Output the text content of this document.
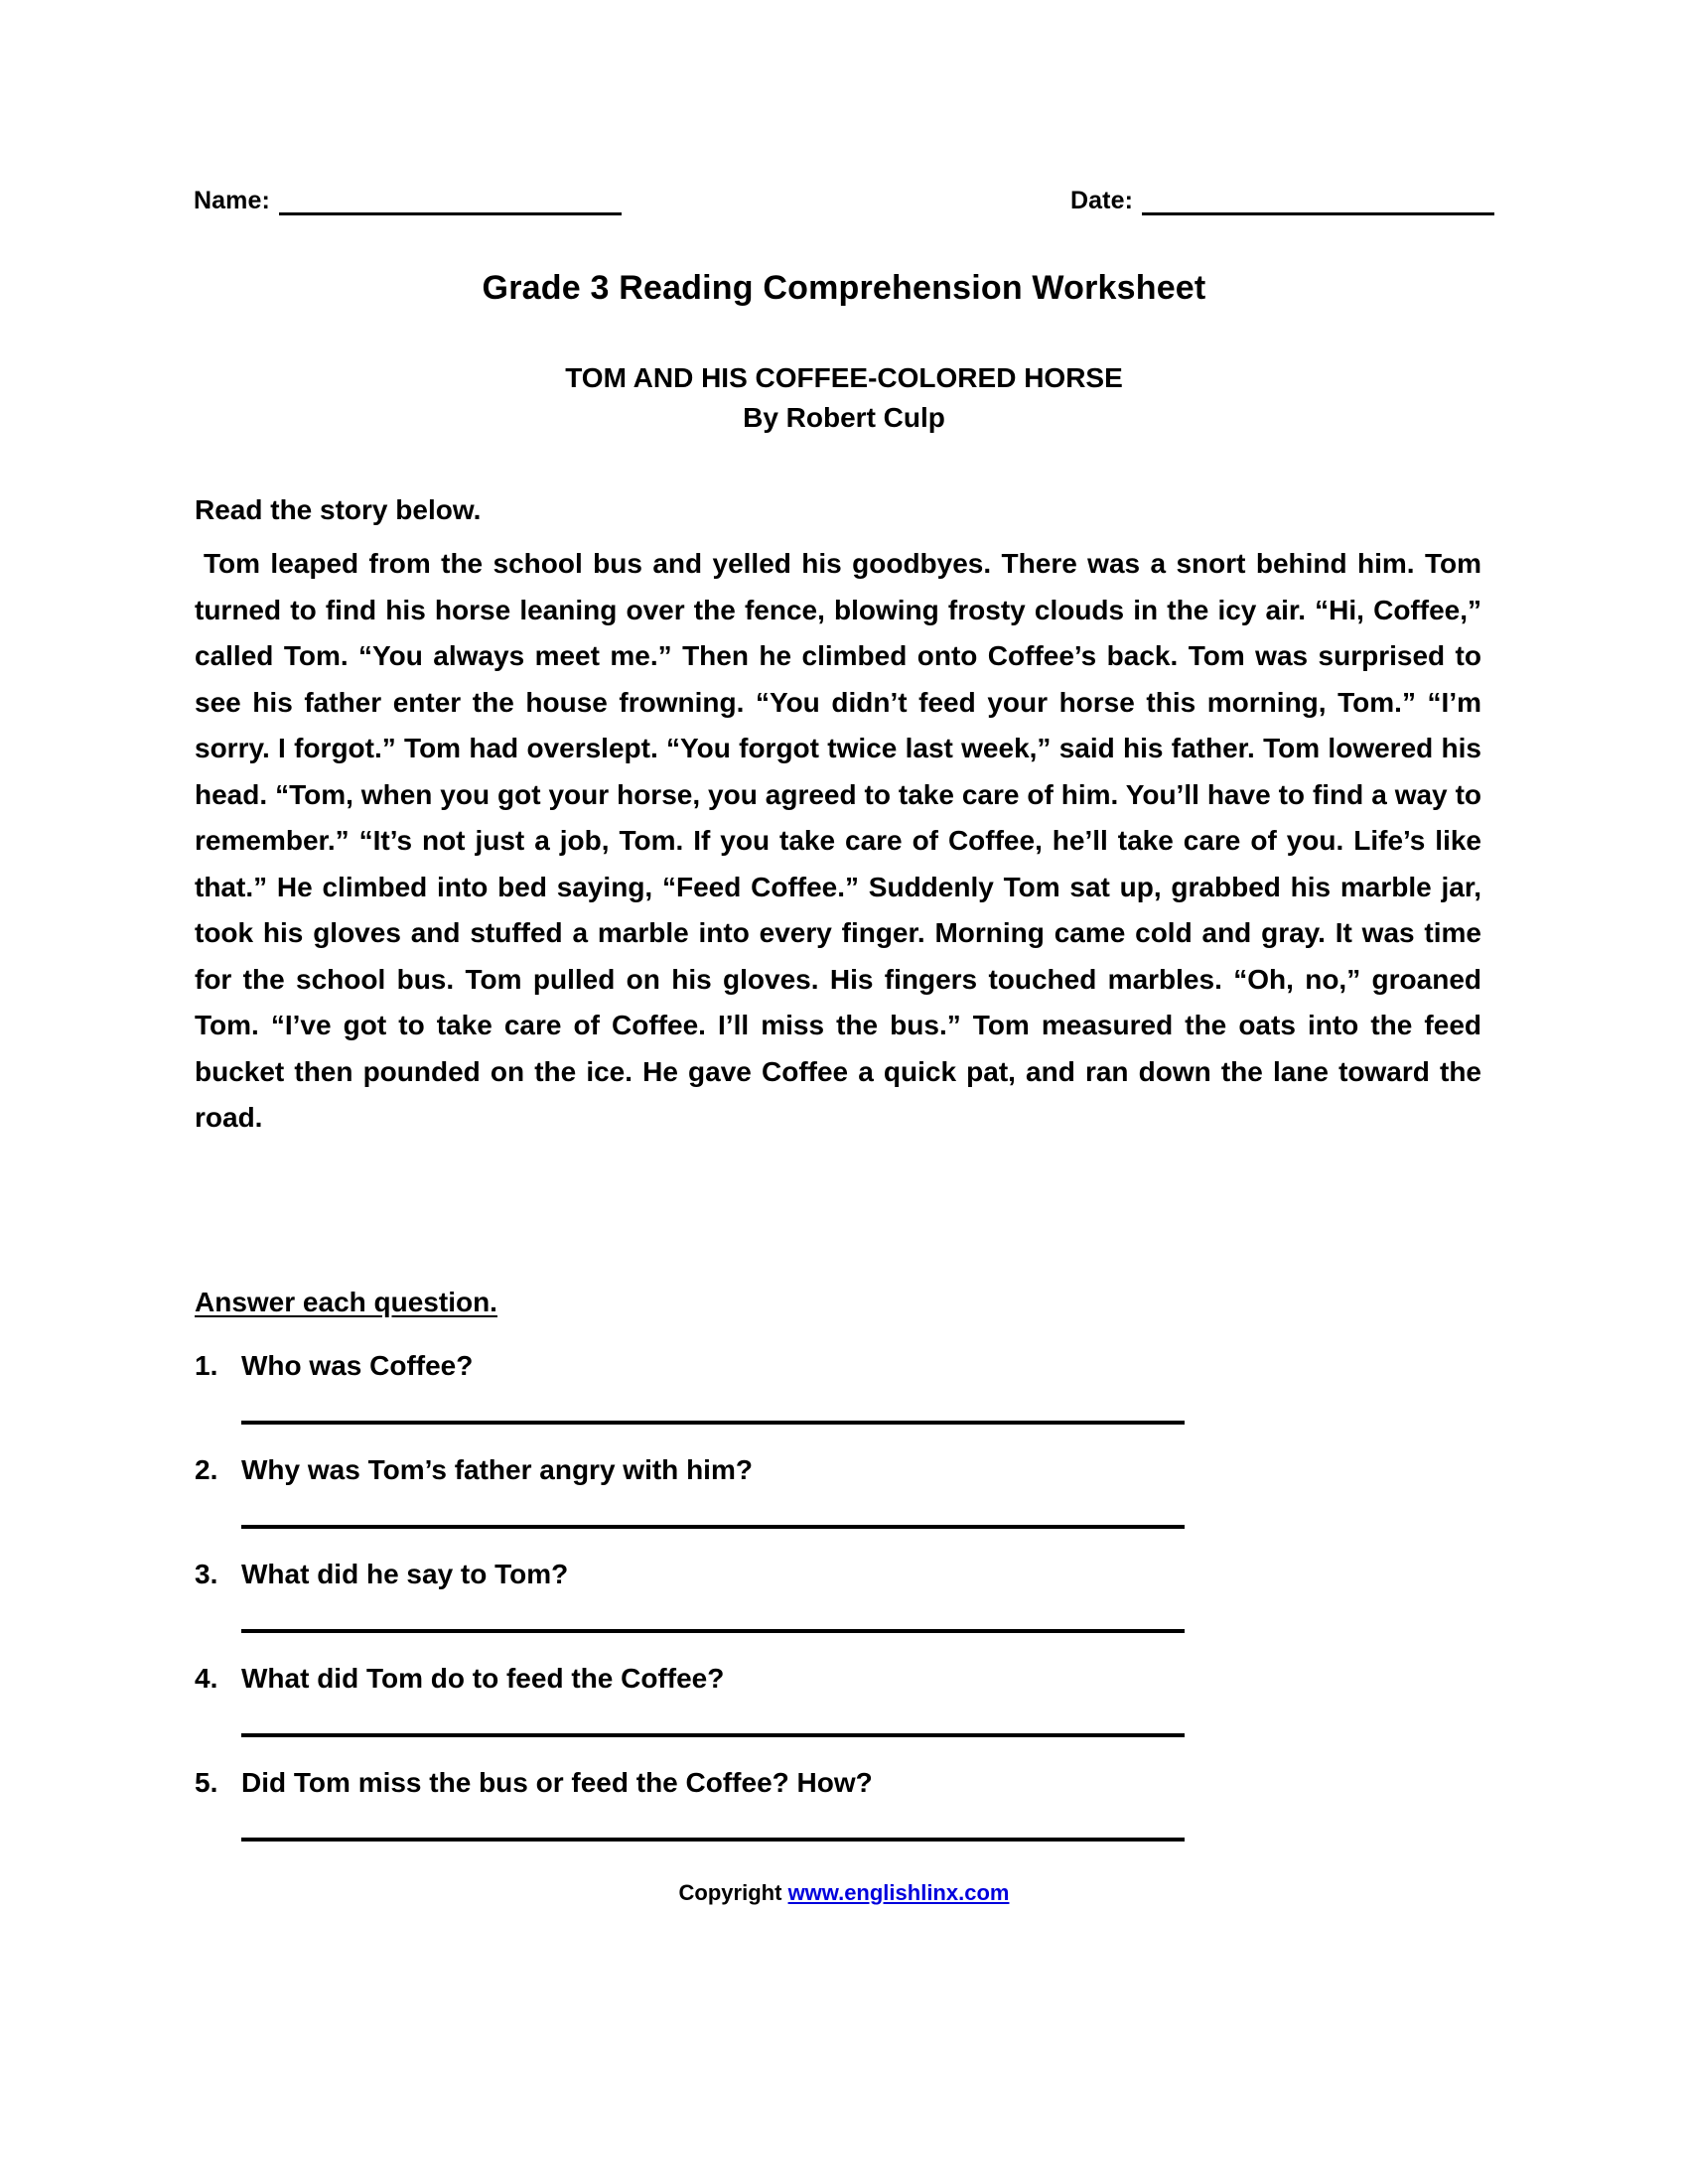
Name:	Date:
Grade 3 Reading Comprehension Worksheet
TOM AND HIS COFFEE-COLORED HORSE
By Robert Culp
Read the story below.
Tom leaped from the school bus and yelled his goodbyes. There was a snort behind him. Tom turned to find his horse leaning over the fence, blowing frosty clouds in the icy air. “Hi, Coffee,” called Tom. “You always meet me.” Then he climbed onto Coffee’s back. Tom was surprised to see his father enter the house frowning. “You didn’t feed your horse this morning, Tom.” “I’m sorry. I forgot.” Tom had overslept. “You forgot twice last week,” said his father. Tom lowered his head. “Tom, when you got your horse, you agreed to take care of him. You’ll have to find a way to remember.” “It’s not just a job, Tom. If you take care of Coffee, he’ll take care of you. Life’s like that.” He climbed into bed saying, “Feed Coffee.” Suddenly Tom sat up, grabbed his marble jar, took his gloves and stuffed a marble into every finger. Morning came cold and gray. It was time for the school bus. Tom pulled on his gloves. His fingers touched marbles. “Oh, no,” groaned Tom. “I’ve got to take care of Coffee. I’ll miss the bus.” Tom measured the oats into the feed bucket then pounded on the ice. He gave Coffee a quick pat, and ran down the lane toward the road.
Answer each question.
1. Who was Coffee?
2. Why was Tom’s father angry with him?
3. What did he say to Tom?
4. What did Tom do to feed the Coffee?
5. Did Tom miss the bus or feed the Coffee? How?
Copyright www.englishlinx.com
